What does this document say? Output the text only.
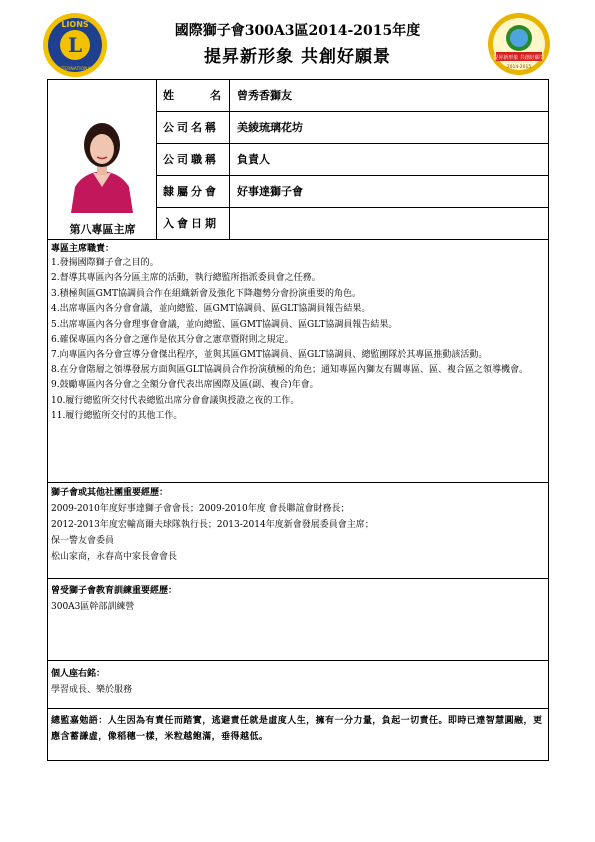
L
LIONS
INTERNATIONAL
國際獅子會300A3區2014-2015年度
提昇新形象 共創好願景	提昇新形象 共創好願景
2014-2015
第八專區主席
姓	名 曾秀香獅友
公司名稱	美綾琉璃花坊
公司職稱	負責人
隸屬分會	好事達獅子會
入會日期
專區主席職責：
1.發揚國際獅子會之目的。
2.督導其專區內各分區主席的活動，執行總監所指派委員會之任務。
3.積極與區GMT協調員合作在組織新會及強化下降趨勢分會扮演重要的角色。
4.出席專區內各分會會議，並向總監、區GMT協調員、區GLT協調員報告結果。
5.出席專區內各分會理事會會議，並向總監、區GMT協調員、區GLT協調員報告結果。
6.確保專區內各分會之運作是依其分會之憲章暨附則之規定。
7.向專區內各分會宣導分會傑出程序，並與其區GMT協調員、區GLT協調員、總監團隊於其專區推動該活動。
8.在分會階層之領導發展方面與區GLT協調員合作扮演積極的角色；通知專區內獅友有關專區、區、複合區之領導機會。
9.鼓勵專區內各分會之全額分會代表出席國際及區(副、複合)年會。
10.履行總監所交付代表總監出席分會會議與授證之夜的工作。
11.履行總監所交付的其他工作。
獅子會或其他社團重要經歷：
2009-2010年度好事達獅子會會長；2009-2010年度 會長聯誼會財務長；
2012-2013年度宏輸高爾夫球隊執行長；2013-2014年度新會發展委員會主席；
保一警友會委員
松山家商，永春高中家長會會長
曾受獅子會教育訓練重要經歷：
300A3區幹部訓練營
個人座右銘：
學習成長、樂於服務
總監嘉勉語：人生因為有責任而踏實，逃避責任就是虛度人生，擁有一分力量，負起一切責任。即時已達智慧圓融，更應含蓄謙虛，像稻穗一樣，米粒越飽滿，垂得越低。
